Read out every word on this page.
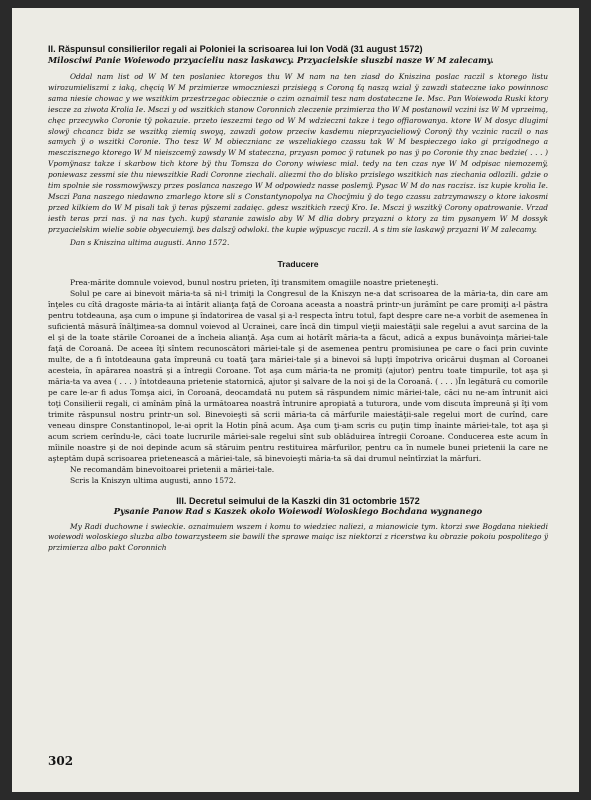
II. Răspunsul consilierilor regali ai Poloniei la scrisoarea lui Ion Vodă (31 august 1572)

Milosciwi Panie Woiewodo przyacieliu nasz laskawcy. Przyacielskie sluszbi nasze W M zalecamy.

Oddal nam list od W M ten poslaniec ktoregos thu W M nam na ten ziasd do Kniszina poslac raczil s ktorego listu wirozumieliszmi z iaką, chęcią W M przimierze wmocznieszi przisiegą s Coroną ťą naszą wzial ÿ zawzdi stateczne iako powinnosc sama niesie chowac y we wszitkim przestrzegac obiecznie o czim oznaimil tesz nam dostateczne Ie. Msc. Pan Woiewoda Ruski ktory iescze za ziwota Krolia Ie. Msczi y od wszitkich stanow Coronnich zleczenie przimierza tho W M postanowil vczini isz W M vprzeimą, chęc przecywko Coronie tÿ pokazuie. przeto ieszezmi tego od W M wdzieczni takze i tego offiarowanya. ktore W M dosyc dlugimi slowÿ chcancz bidz se wszitką ziemią swoyą, zawzdi gotow przeciw kasdemu nieprzyacieliowÿ Coronÿ thy vczinic raczil o nas samych ÿ o wszitki Coronie. Tho tesz W M obiecznianc ze wszeliakiego czassu tak W M bespieczego iako gi przigodnego a mesczisznego ktorego W M nieiszcemÿ zawsdy W M stateczna, przyasn pomoc ÿ ratunek po nas ÿ po Coronie thy znac bedzie( . . . ) Vpomÿnasz takze i skarbow tich ktore bÿ thu Tomsza do Corony wiwiesc mial. tedy na ten czas nye W M odpisac niemozemÿ, poniewasz zessmi sie thu niewszitkie Radi Coronne ziechali. aliezmi tho do blisko przislego wszitkich nas ziechania odlozili. gdzie o tim spolnie sie rossmowÿwszy przes poslanca naszego W M odpowiedz nasse poslemÿ. Pysac W M do nas raczisz. isz kupie krolia Ie. Msczi Pana naszego niedawno zmarlego ktore sli s Constantynopolya na Chocÿmiu ÿ do tego czassu zatrzymawszy o ktore iakosmi przed kilkiem do W M pisali tak ÿ teras pÿszemi zadaięc. gdesz wszitkich rzecÿ Kro. Ie. Msczi ÿ wszitkÿ Corony opatrowanie. Vrzad iesth teras przi nas. ÿ na nas tych. kupÿ staranie zawislo aby W M dlia dobry przyazni o ktory za tim pysanyem W M dossyk przyacielskim wielie sobie obyecuiemÿ. bes dalszÿ odwloki. the kupie wÿpuscyc raczil. A s tim sie laskawÿ przyazni W M zalecamy.

Dan s Kniszina ultima augusti. Anno 1572.

Traducere

Prea-mărite domnule voievod, bunul nostru prieten, îţi transmitem omagiile noastre prieteneşti.

Solul pe care ai binevoit măria-ta să ni-l trimiţi la Congresul de la Kniszyn ne-a dat scrisoarea de la măria-ta, din care am înţeles cu cîtă dragoste măria-ta ai întărit alianţa faţă de Coroana aceasta a noastră printr-un jurămînt pe care promiţi a-l păstra pentru totdeauna, aşa cum o impune şi îndatorirea de vasal şi a-l respecta întru totul, fapt despre care ne-a vorbit de asemenea în suficientă măsură înălţimea-sa domnul voievod al Ucrainei, care încă din timpul vieţii maiestăţii sale regelui a avut sarcina de la el şi de la toate stările Coroanei de a încheia alianţă. Aşa cum ai hotărît măria-ta a făcut, adică a expus bunăvoinţa măriei-tale faţă de Coroană. De aceea îţi sîntem recunoscători măriei-tale şi de asemenea pentru promisiunea pe care o faci prin cuvinte multe, de a fi întotdeauna gata împreună cu toată ţara măriei-tale şi a binevoi să lupţi împotriva oricărui duşman al Coroanei acesteia, în apărarea noastră şi a întregii Coroane. Tot aşa cum măria-ta ne promiţi (ajutor) pentru toate timpurile, tot aşa şi măria-ta va avea ( . . . ) întotdeauna prietenie statornică, ajutor şi salvare de la noi şi de la Coroană. ( . . . )În legătură cu comorile pe care le-ar fi adus Tomşa aici, în Coroană, deocamdată nu putem să răspundem nimic măriei-tale, căci nu ne-am întrunit aici toţi Consilierii regali, ci amînăm pînă la următoarea noastră întrunire apropiată a tuturora, unde vom discuta împreună şi îţi vom trimite răspunsul nostru printr-un sol. Binevoieşti să scrii măria-ta că mărfurile maiestăţii-sale regelui mort de curînd, care veneau dinspre Constantinopol, le-ai oprit la Hotin pînă acum. Aşa cum ţi-am scris cu puţin timp înainte măriei-tale, tot aşa şi acum scriem cerîndu-le, căci toate lucrurile măriei-sale regelui sînt sub oblăduirea întregii Coroane. Conducerea este acum în mîinile noastre şi de noi depinde acum să stăruim pentru restituirea mărfurilor, pentru ca în numele bunei prietenii la care ne aşteptăm după scrisoarea prietenească a măriei-tale, să binevoieşti măria-ta să dai drumul neîntîrziat la mărfuri.

Ne recomandăm binevoitoarei prietenii a măriei-tale.

Scris la Kniszyn ultima augusti, anno 1572.

III. Decretul seimului de la Kaszki din 31 octombrie 1572

Pysanie Panow Rad s Kaszek okolo Woiewodi Woloskiego Bochdana wygnanego

My Radi duchowne i swieckie. oznaimuiem wszem i komu to wiedziec naliezi, a mianowicie tym. ktorzi swe Bogdana niekiedi woiewodi woloskiego sluzba albo towarzysteem sie bawili the sprawe maiąc isz niektorzi z ricerstwa ku obrazie pokoiu pospolitego ÿ przimierza albo pakt Coronnich

302
